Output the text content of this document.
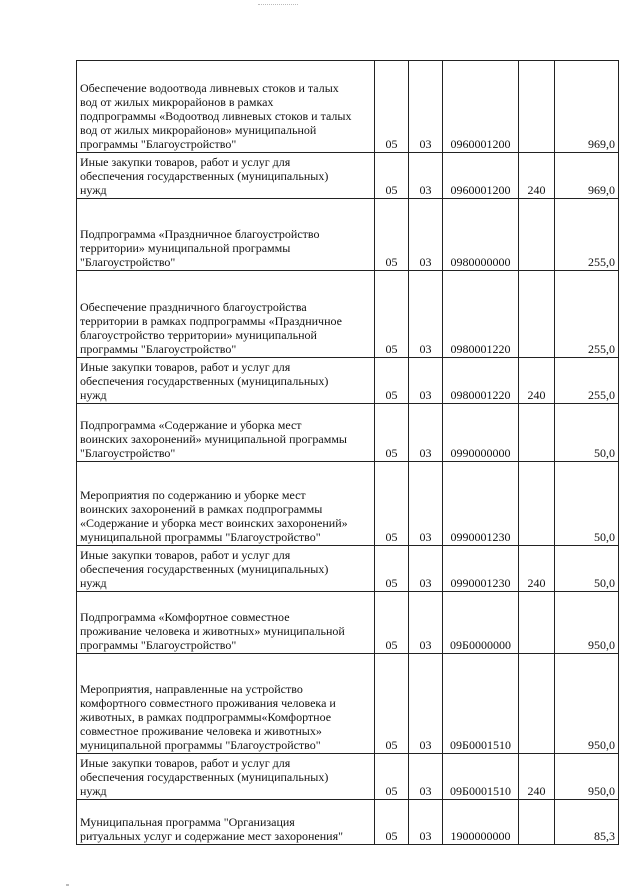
Обеспечение водоотвода ливневых стоков и талых
вод от жилых микрорайонов в рамках
подпрограммы «Водоотвод ливневых стоков и талых
вод от жилых микрорайонов» муниципальной
программы "Благоустройство"	05	03	0960001200		969,0

Иные закупки товаров, работ и услуг для
обеспечения государственных (муниципальных)
нужд	05	03	0960001200	240	969,0

Подпрограмма «Праздничное благоустройство
территории» муниципальной программы
"Благоустройство"	05	03	0980000000		255,0

Обеспечение праздничного благоустройства
территории в рамках подпрограммы «Праздничное
благоустройство территории» муниципальной
программы "Благоустройство"	05	03	0980001220		255,0

Иные закупки товаров, работ и услуг для
обеспечения государственных (муниципальных)
нужд	05	03	0980001220	240	255,0

Подпрограмма «Содержание и уборка мест
воинских захоронений» муниципальной программы
"Благоустройство"	05	03	0990000000		50,0

Мероприятия по содержанию и уборке мест
воинских захоронений в рамках подпрограммы
«Содержание и уборка мест воинских захоронений»
муниципальной программы "Благоустройство"	05	03	0990001230		50,0

Иные закупки товаров, работ и услуг для
обеспечения государственных (муниципальных)
нужд	05	03	0990001230	240	50,0

Подпрограмма «Комфортное совместное
проживание человека и животных» муниципальной
программы "Благоустройство"	05	03	09Б0000000		950,0

Мероприятия, направленные на устройство
комфортного совместного проживания человека и
животных, в рамках подпрограммы«Комфортное
совместное проживание человека и животных»
муниципальной программы "Благоустройство"	05	03	09Б0001510		950,0

Иные закупки товаров, работ и услуг для
обеспечения государственных (муниципальных)
нужд	05	03	09Б0001510	240	950,0

Муниципальная программа "Организация
ритуальных услуг и содержание мест захоронения"	05	03	1900000000		85,3
